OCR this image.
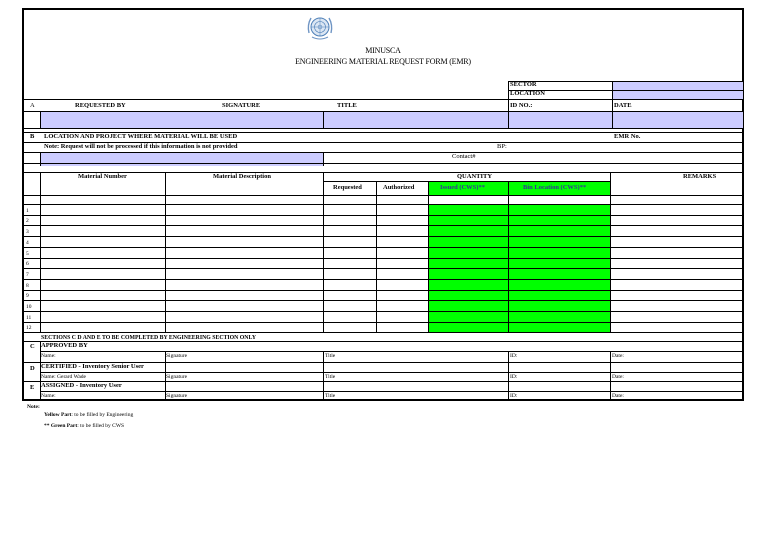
MINUSCA
ENGINEERING MATERIAL REQUEST FORM (EMR)
SECTOR
LOCATION
A	REQUESTED BY	SIGNATURE	TITLE	ID NO.:	DATE
B LOCATION AND PROJECT WHERE MATERIAL WILL BE USED	EMR No.
Note: Request will not be processed if this information is not provided	BP:
Contact#
Material Number	Material Description	QUANTITY	REMARKS
Requested	Authorized	Issued (CWS)**	Bin Location (CWS)**
1
2
3
4
5
6
7
8
9
10
11
12
SECTIONS C D AND E TO BE COMPLETED BY ENGINEERING SECTION ONLY
C APPROVED BY
Name:	Signature	Title	ID:	Date:
D CERTIFIED - Inventory Senior User
Name: Gerard Wade	Signature	Title	ID:	Date:
E ASSIGNED - Inventory User
Name:	Signature	Title	ID:	Date:
Note:
Yellow Part: to be filled by Engineering
** Green Part: to be filled by CWS
